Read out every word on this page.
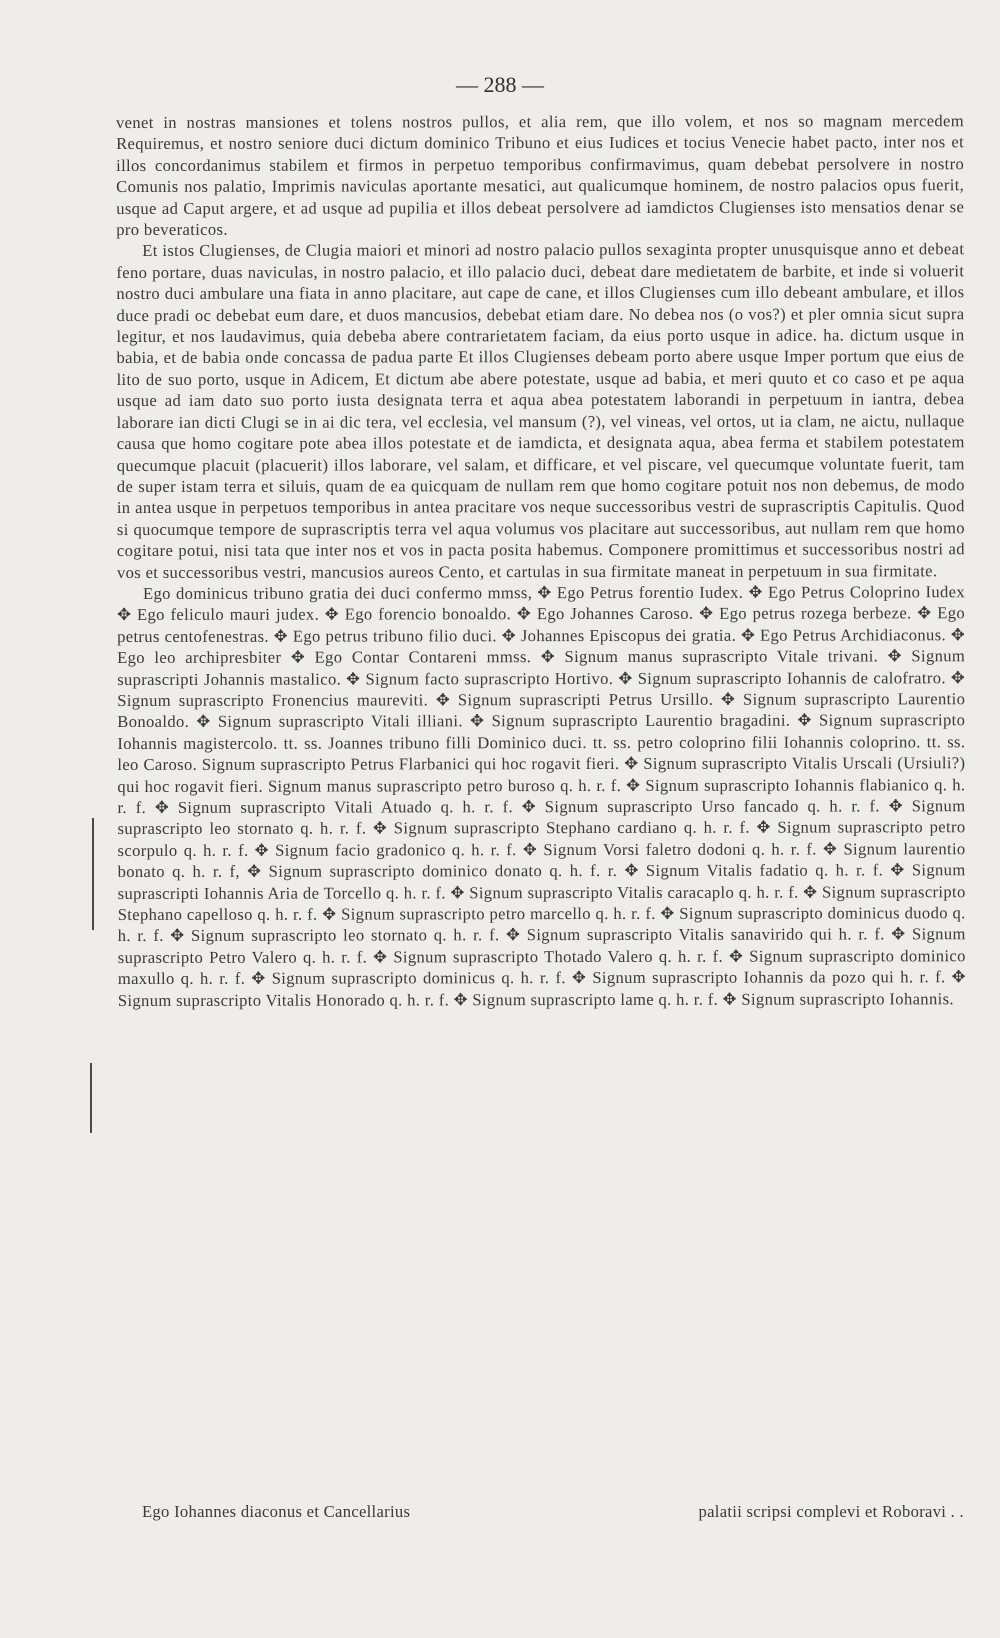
— 288 —

venet in nostras mansiones et tolens nostros pullos, et alia rem, que illo volem, et nos so magnam mercedem Requiremus, et nostro seniore duci dictum dominico Tribuno et eius Iudices et tocius Venecie habet pacto, inter nos et illos concordanimus stabilem et firmos in perpetuo temporibus confirmavimus, quam debebat persolvere in nostro Comunis nos palatio, Imprimis naviculas aportante mesatici, aut qualicumque hominem, de nostro palacios opus fuerit, usque ad Caput argere, et ad usque ad pupilia et illos debeat persolvere ad iamdictos Clugienses isto mensatios denar se pro beveraticos.

Et istos Clugienses, de Clugia maiori et minori ad nostro palacio pullos sexaginta propter unusquisque anno et debeat feno portare, duas naviculas, in nostro palacio, et illo palacio duci, debeat dare medietatem de barbite, et inde si voluerit nostro duci ambulare una fiata in anno placitare, aut cape de cane, et illos Clugienses cum illo debeant ambulare, et illos duce pradi oc debebat eum dare, et duos mancusios, debebat etiam dare. No debea nos (o vos?) et pler omnia sicut supra legitur, et nos laudavimus, quia debeba abere contrarietatem faciam, da eius porto usque in adice. ha. dictum usque in babia, et de babia onde concassa de padua parte Et illos Clugienses debeam porto abere usque Imper portum que eius de lito de suo porto, usque in Adicem, Et dictum abe abere potestate, usque ad babia, et meri quuto et co caso et pe aqua usque ad iam dato suo porto iusta designata terra et aqua abea potestatem laborandi in perpetuum in iantra, debea laborare ian dicti Clugi se in ai dic tera, vel ecclesia, vel mansum (?), vel vineas, vel ortos, ut ia clam, ne aictu, nullaque causa que homo cogitare pote abea illos potestate et de iamdicta, et designata aqua, abea ferma et stabilem potestatem quecumque placuit (placuerit) illos laborare, vel salam, et difficare, et vel piscare, vel quecumque voluntate fuerit, tam de super istam terra et siluis, quam de ea quicquam de nullam rem que homo cogitare potuit nos non debemus, de modo in antea usque in perpetuos temporibus in antea pracitare vos neque successoribus vestri de suprascriptis Capitulis. Quod si quocumque tempore de suprascriptis terra vel aqua volumus vos placitare aut successoribus, aut nullam rem que homo cogitare potui, nisi tata que inter nos et vos in pacta posita habemus. Componere promittimus et successoribus nostri ad vos et successoribus vestri, mancusios aureos Cento, et cartulas in sua firmitate maneat in perpetuum in sua firmitate.

Ego dominicus tribuno gratia dei duci confermo mmss, ✥ Ego Petrus forentio Iudex. ✥ Ego Petrus Coloprino Iudex ✥ Ego feliculo mauri judex. ✥ Ego forencio bonoaldo. ✥ Ego Johannes Caroso. ✥ Ego petrus rozega berbeze. ✥ Ego petrus centofenestras. ✥ Ego petrus tribuno filio duci. ✥ Johannes Episcopus dei gratia. ✥ Ego Petrus Archidiaconus. ✥ Ego leo archipresbiter ✥ Ego Contar Contareni mmss. ✥ Signum manus suprascripto Vitale trivani. ✥ Signum suprascripti Johannis mastalico. ✥ Signum facto suprascripto Hortivo. ✥ Signum suprascripto Iohannis de calofratro. ✥ Signum suprascripto Fronencius maureviti. ✥ Signum suprascripti Petrus Ursillo. ✥ Signum suprascripto Laurentio Bonoaldo. ✥ Signum suprascripto Vitali illiani. ✥ Signum suprascripto Laurentio bragadini. ✥ Signum suprascripto Iohannis magistercolo. tt. ss. Joannes tribuno filli Dominico duci. tt. ss. petro coloprino filii Iohannis coloprino. tt. ss. leo Caroso. Signum suprascripto Petrus Flarbanici qui hoc rogavit fieri. ✥ Signum suprascripto Vitalis Urscali (Ursiuli?) qui hoc rogavit fieri. Signum manus suprascripto petro buroso q. h. r. f. ✥ Signum suprascripto Iohannis flabianico q. h. r. f. ✥ Signum suprascripto Vitali Atuado q. h. r. f. ✥ Signum suprascripto Urso fancado q. h. r. f. ✥ Signum suprascripto leo stornato q. h. r. f. ✥ Signum suprascripto Stephano cardiano q. h. r. f. ✥ Signum suprascripto petro scorpulo q. h. r. f. ✥ Signum facio gradonico q. h. r. f. ✥ Signum Vorsi faletro dodoni q. h. r. f. ✥ Signum laurentio bonato q. h. r. f, ✥ Signum suprascripto dominico donato q. h. f. r. ✥ Signum Vitalis fadatio q. h. r. f. ✥ Signum suprascripti Iohannis Aria de Torcello q. h. r. f. ✥ Signum suprascripto Vitalis caracaplo q. h. r. f. ✥ Signum suprascripto Stephano capelloso q. h. r. f. ✥ Signum suprascripto petro marcello q. h. r. f. ✥ Signum suprascripto dominicus duodo q. h. r. f. ✥ Signum suprascripto leo stornato q. h. r. f. ✥ Signum suprascripto Vitalis sanavirido qui h. r. f. ✥ Signum suprascripto Petro Valero q. h. r. f. ✥ Signum suprascripto Thotado Valero q. h. r. f. ✥ Signum suprascripto dominico maxullo q. h. r. f. ✥ Signum suprascripto dominicus q. h. r. f. ✥ Signum suprascripto Iohannis da pozo qui h. r. f. ✥ Signum suprascripto Vitalis Honorado q. h. r. f. ✥ Signum suprascripto lame q. h. r. f. ✥ Signum suprascripto Iohannis.

Ego Iohannes diaconus et Cancellarius	palatii scripsi complevi et Roboravi . .
